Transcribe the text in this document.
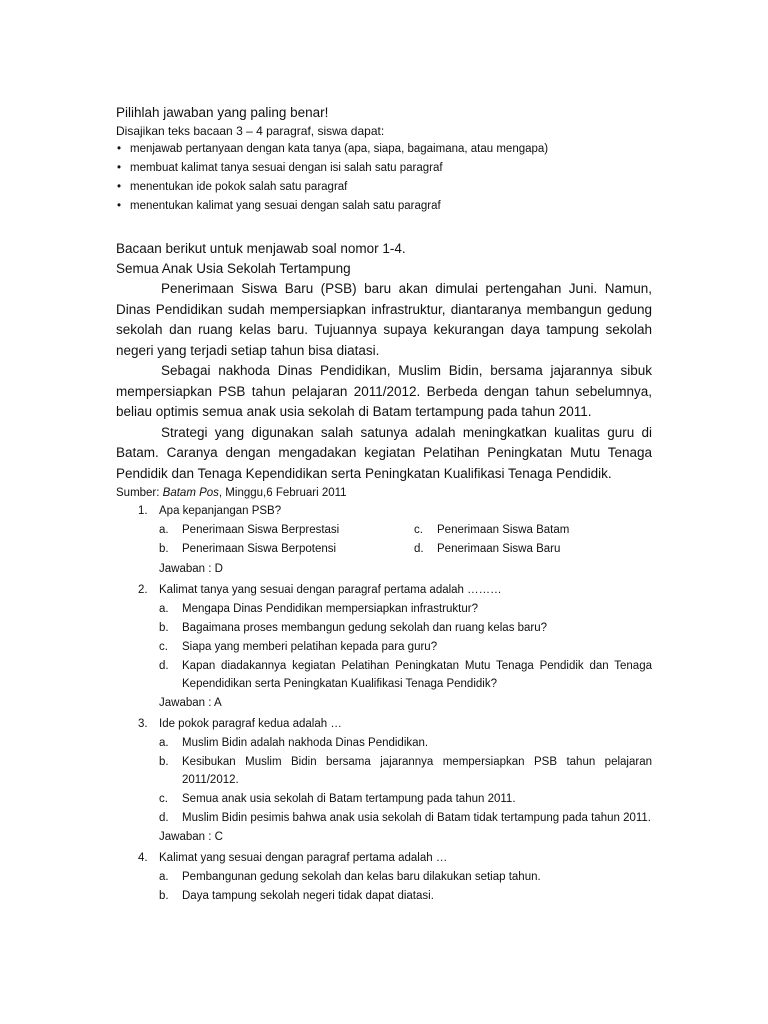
Pilihlah jawaban yang paling benar!

Disajikan teks bacaan 3 – 4 paragraf, siswa dapat:

• menjawab pertanyaan dengan kata tanya (apa, siapa, bagaimana, atau mengapa)
• membuat kalimat tanya sesuai dengan isi salah satu paragraf
• menentukan ide pokok salah satu paragraf
• menentukan kalimat yang sesuai dengan salah satu paragraf

Bacaan berikut untuk menjawab soal nomor 1-4.

Semua Anak Usia Sekolah Tertampung

Penerimaan Siswa Baru (PSB) baru akan dimulai pertengahan Juni. Namun, Dinas Pendidikan sudah mempersiapkan infrastruktur, diantaranya membangun gedung sekolah dan ruang kelas baru. Tujuannya supaya kekurangan daya tampung sekolah negeri yang terjadi setiap tahun bisa diatasi.

Sebagai nakhoda Dinas Pendidikan, Muslim Bidin, bersama jajarannya sibuk mempersiapkan PSB tahun pelajaran 2011/2012. Berbeda dengan tahun sebelumnya, beliau optimis semua anak usia sekolah di Batam tertampung pada tahun 2011.

Strategi yang digunakan salah satunya adalah meningkatkan kualitas guru di Batam. Caranya dengan mengadakan kegiatan Pelatihan Peningkatan Mutu Tenaga Pendidik dan Tenaga Kependidikan serta Peningkatan Kualifikasi Tenaga Pendidik.

Sumber: Batam Pos, Minggu,6 Februari 2011

1. Apa kepanjangan PSB?
a. Penerimaan Siswa Berprestasi	c. Penerimaan Siswa Batam
b. Penerimaan Siswa Berpotensi	d. Penerimaan Siswa Baru
Jawaban : D
2. Kalimat tanya yang sesuai dengan paragraf pertama adalah ………
a. Mengapa Dinas Pendidikan mempersiapkan infrastruktur?
b. Bagaimana proses membangun gedung sekolah dan ruang kelas baru?
c. Siapa yang memberi pelatihan kepada para guru?
d. Kapan diadakannya kegiatan Pelatihan Peningkatan Mutu Tenaga Pendidik dan Tenaga Kependidikan serta Peningkatan Kualifikasi Tenaga Pendidik?
Jawaban : A
3. Ide pokok paragraf kedua adalah …
a. Muslim Bidin adalah nakhoda Dinas Pendidikan.
b. Kesibukan Muslim Bidin bersama jajarannya mempersiapkan PSB tahun pelajaran 2011/2012.
c. Semua anak usia sekolah di Batam tertampung pada tahun 2011.
d. Muslim Bidin pesimis bahwa anak usia sekolah di Batam tidak tertampung pada tahun 2011.
Jawaban : C
4. Kalimat yang sesuai dengan paragraf pertama adalah …
a. Pembangunan gedung sekolah dan kelas baru dilakukan setiap tahun.
b. Daya tampung sekolah negeri tidak dapat diatasi.
